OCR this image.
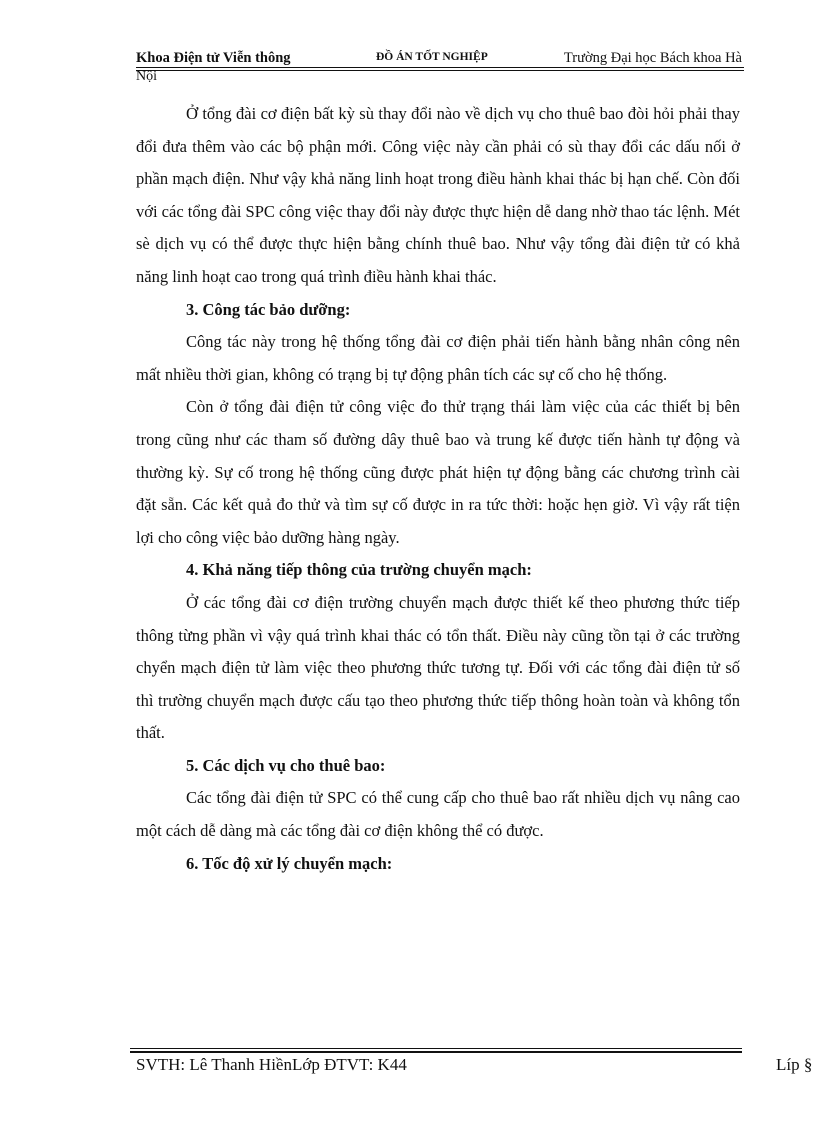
Khoa Điện tử Viễn thông	ĐỒ ÁN TỐT NGHIỆP	Trường Đại học Bách khoa Hà
Nội

Ở tổng đài cơ điện bất kỳ sù thay đổi nào về dịch vụ cho thuê bao đòi hỏi phải thay đổi đưa thêm vào các bộ phận mới. Công việc này cần phải có sù thay đổi các dấu nối ở phần mạch điện. Như vậy khả năng linh hoạt trong điều hành khai thác bị hạn chế. Còn đối với các tổng đài SPC công việc thay đổi này được thực hiện dễ dang nhờ thao tác lệnh. Mét sè dịch vụ có thể được thực hiện bằng chính thuê bao. Như vậy tổng đài điện tử có khả năng linh hoạt cao trong quá trình điều hành khai thác.

3. Công tác bảo dưỡng:

Công tác này trong hệ thống tổng đài cơ điện phải tiến hành bằng nhân công nên mất nhiều thời gian, không có trạng bị tự động phân tích các sự cố cho hệ thống.

Còn ở tổng đài điện tử công việc đo thử trạng thái làm việc của các thiết bị bên trong cũng như các tham số đường dây thuê bao và trung kế được tiến hành tự động và thường kỳ. Sự cố trong hệ thống cũng được phát hiện tự động bằng các chương trình cài đặt sẵn. Các kết quả đo thử và tìm sự cố được in ra tức thời: hoặc hẹn giờ. Vì vậy rất tiện lợi cho công việc bảo dưỡng hàng ngày.

4. Khả năng tiếp thông của trường chuyển mạch:

Ở các tổng đài cơ điện trường chuyển mạch được thiết kế theo phương thức tiếp thông từng phần vì vậy quá trình khai thác có tổn thất. Điều này cũng tồn tại ở các trường chyển mạch điện tử làm việc theo phương thức tương tự. Đối với các tổng đài điện tử số thì trường chuyển mạch được cấu tạo theo phương thức tiếp thông hoàn toàn và không tổn thất.

5. Các dịch vụ cho thuê bao:

Các tổng đài điện tử SPC có thể cung cấp cho thuê bao rất nhiều dịch vụ nâng cao một cách dễ dàng mà các tổng đài cơ điện không thể có được.

6. Tốc độ xử lý chuyển mạch:

SVTH: Lê Thanh HiềnLớp ĐTVT: K44	Líp §
